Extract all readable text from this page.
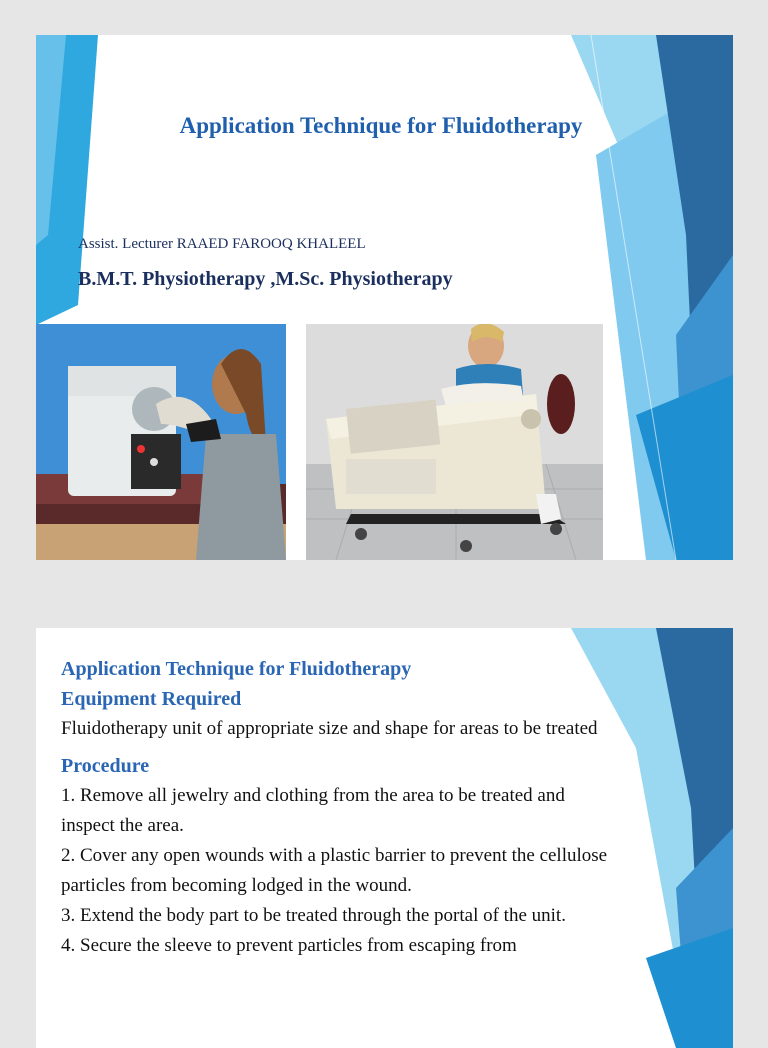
Application Technique for Fluidotherapy

Assist. Lecturer RAAED FAROOQ KHALEEL

B.M.T. Physiotherapy ,M.Sc. Physiotherapy

Application Technique for Fluidotherapy

Equipment Required

Fluidotherapy unit of appropriate size and shape for areas to be treated

Procedure

1. Remove all jewelry and clothing from the area to be treated and inspect the area.

2. Cover any open wounds with a plastic barrier to prevent the cellulose particles from becoming lodged in the wound.

3. Extend the body part to be treated through the portal of the unit.

4. Secure the sleeve to prevent particles from escaping from
